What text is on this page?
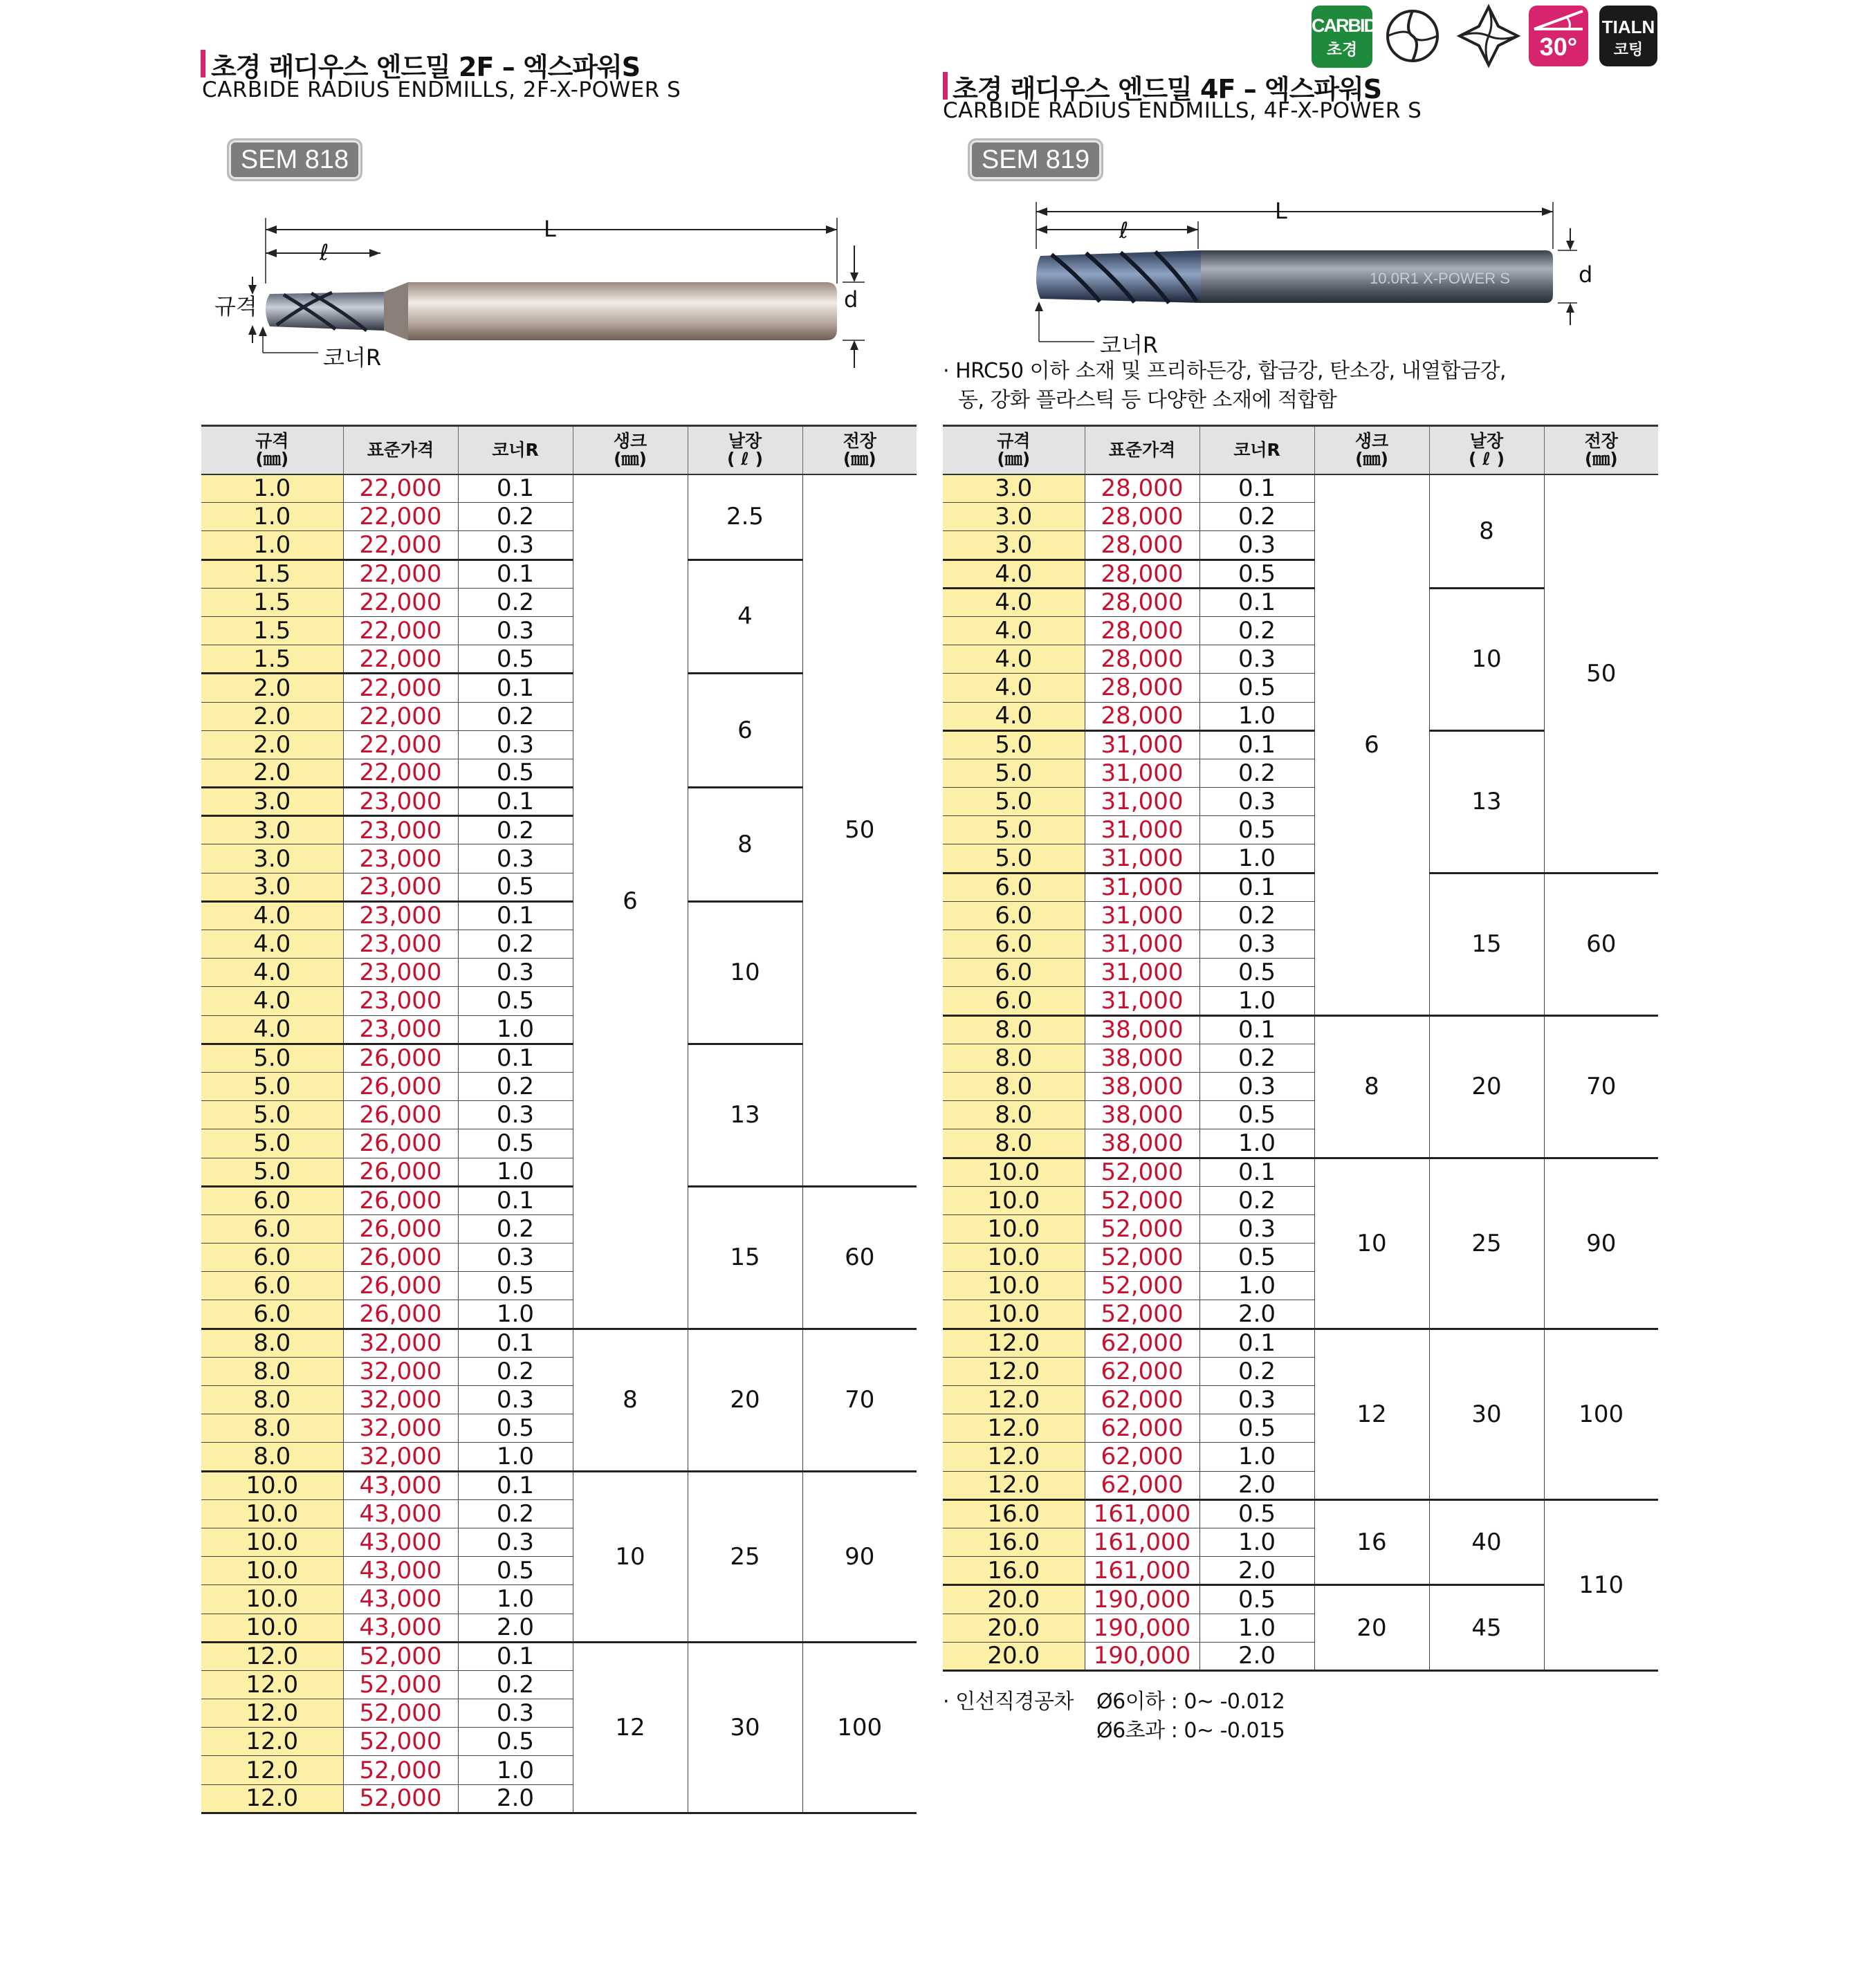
초경 래디우스 엔드밀 2F – 엑스파워S
CARBIDE RADIUS ENDMILLS, 2F-X-POWER S
SEM 818
L
ℓ
d
규격
코너R
규격
(㎜)	표준가격	코너R	생크
(㎜)	날장
( ℓ )	전장
(㎜)
1.0	22,000	0.1	6	2.5	50
1.0	22,000	0.2			
1.0	22,000	0.3			
1.5	22,000	0.1		4	
1.5	22,000	0.2			
1.5	22,000	0.3			
1.5	22,000	0.5			
2.0	22,000	0.1		6	
2.0	22,000	0.2			
2.0	22,000	0.3			
2.0	22,000	0.5			
3.0	23,000	0.1		8	
3.0	23,000	0.2			
3.0	23,000	0.3			
3.0	23,000	0.5			
4.0	23,000	0.1		10	
4.0	23,000	0.2			
4.0	23,000	0.3			
4.0	23,000	0.5			
4.0	23,000	1.0			
5.0	26,000	0.1		13	
5.0	26,000	0.2			
5.0	26,000	0.3			
5.0	26,000	0.5			
5.0	26,000	1.0			
6.0	26,000	0.1		15	60
6.0	26,000	0.2			
6.0	26,000	0.3			
6.0	26,000	0.5			
6.0	26,000	1.0			
8.0	32,000	0.1	8	20	70
8.0	32,000	0.2			
8.0	32,000	0.3			
8.0	32,000	0.5			
8.0	32,000	1.0			
10.0	43,000	0.1	10	25	90
10.0	43,000	0.2			
10.0	43,000	0.3			
10.0	43,000	0.5			
10.0	43,000	1.0			
10.0	43,000	2.0			
12.0	52,000	0.1	12	30	100
12.0	52,000	0.2			
12.0	52,000	0.3			
12.0	52,000	0.5			
12.0	52,000	1.0			
12.0	52,000	2.0			
초경 래디우스 엔드밀 4F – 엑스파워S
CARBIDE RADIUS ENDMILLS, 4F-X-POWER S
SEM 819
CARBIDE
초경	30°
TIALN
코팅
10.0R1 X-POWER S
L
ℓ
d
코너R
· HRC50 이하 소재 및 프리하든강, 합금강, 탄소강, 내열합금강,
동, 강화 플라스틱 등 다양한 소재에 적합함
규격
(㎜)	표준가격	코너R	생크
(㎜)	날장
( ℓ )	전장
(㎜)
3.0	28,000	0.1	6	8	50
3.0	28,000	0.2			
3.0	28,000	0.3			
4.0	28,000	0.5			
4.0	28,000	0.1		10	
4.0	28,000	0.2			
4.0	28,000	0.3			
4.0	28,000	0.5			
4.0	28,000	1.0			
5.0	31,000	0.1		13	
5.0	31,000	0.2			
5.0	31,000	0.3			
5.0	31,000	0.5			
5.0	31,000	1.0			
6.0	31,000	0.1		15	60
6.0	31,000	0.2			
6.0	31,000	0.3			
6.0	31,000	0.5			
6.0	31,000	1.0			
8.0	38,000	0.1	8	20	70
8.0	38,000	0.2			
8.0	38,000	0.3			
8.0	38,000	0.5			
8.0	38,000	1.0			
10.0	52,000	0.1	10	25	90
10.0	52,000	0.2			
10.0	52,000	0.3			
10.0	52,000	0.5			
10.0	52,000	1.0			
10.0	52,000	2.0			
12.0	62,000	0.1	12	30	100
12.0	62,000	0.2			
12.0	62,000	0.3			
12.0	62,000	0.5			
12.0	62,000	1.0			
12.0	62,000	2.0			
16.0	161,000	0.5	16	40	110
16.0	161,000	1.0			
16.0	161,000	2.0			
20.0	190,000	0.5	20	45	
20.0	190,000	1.0			
20.0	190,000	2.0			
· 인선직경공차 Ø6이하 : 0~ -0.012
Ø6초과 : 0~ -0.015
